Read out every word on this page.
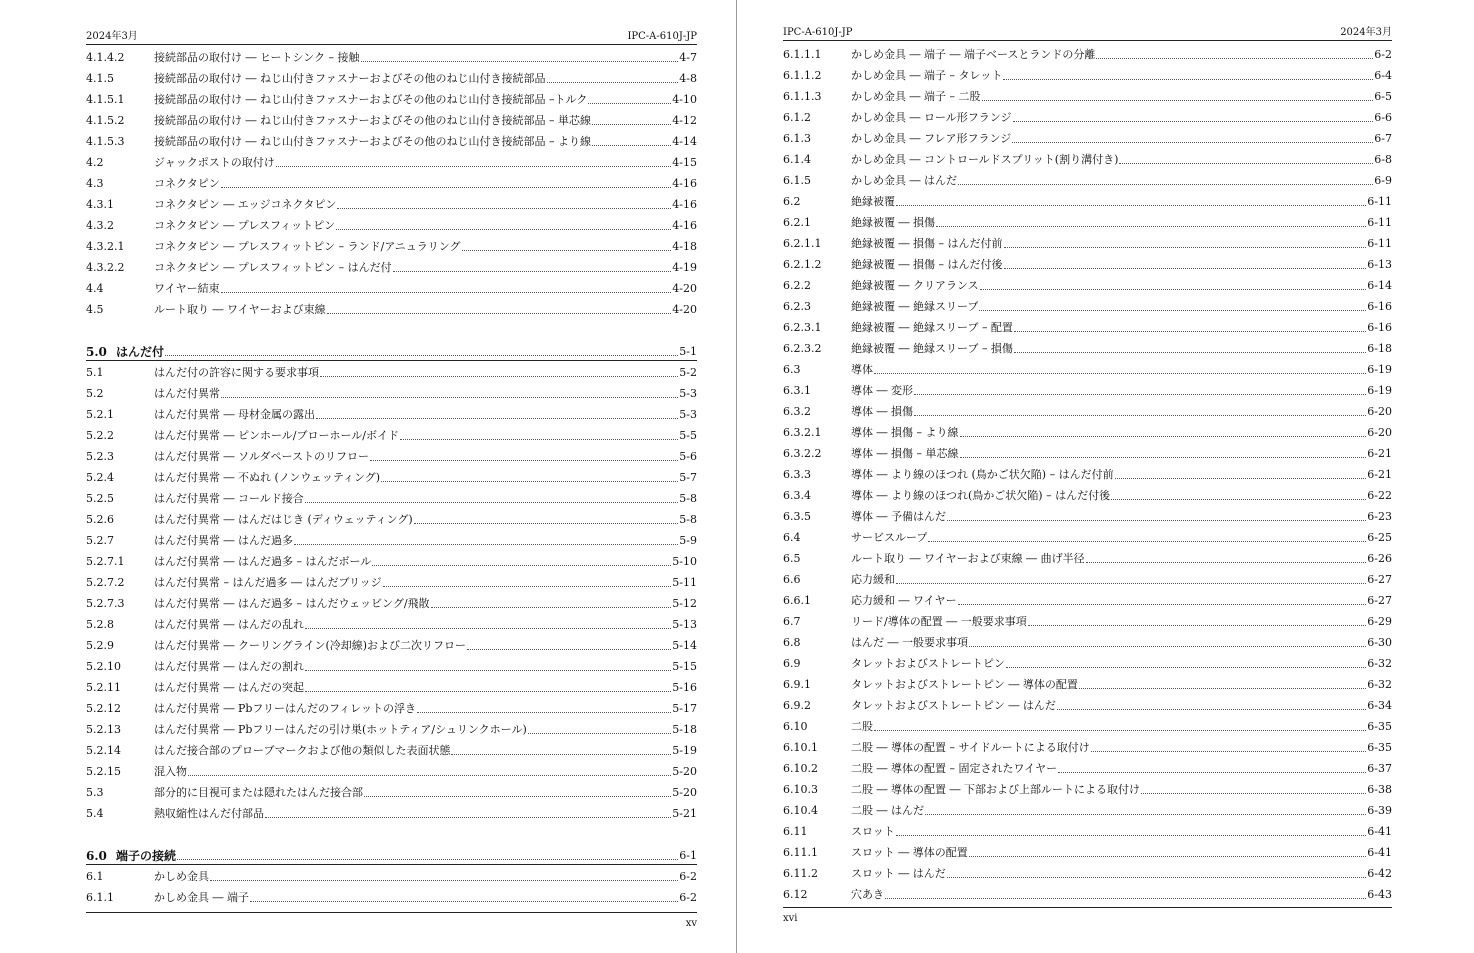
2024年3月	IPC-A-610J-JP
4.1.4.2	接続部品の取付け ― ヒートシンク – 接触	4-7
4.1.5	接続部品の取付け ― ねじ山付きファスナーおよびその他のねじ山付き接続部品	4-8
4.1.5.1	接続部品の取付け ― ねじ山付きファスナーおよびその他のねじ山付き接続部品 –トルク	4-10
4.1.5.2	接続部品の取付け ― ねじ山付きファスナーおよびその他のねじ山付き接続部品 – 単芯線	4-12
4.1.5.3	接続部品の取付け ― ねじ山付きファスナーおよびその他のねじ山付き接続部品 – より線	4-14
4.2	ジャックポストの取付け	4-15
4.3	コネクタピン	4-16
4.3.1	コネクタピン ― エッジコネクタピン	4-16
4.3.2	コネクタピン ― プレスフィットピン	4-16
4.3.2.1	コネクタピン ― プレスフィットピン – ランド/アニュラリング	4-18
4.3.2.2	コネクタピン ― プレスフィットピン – はんだ付	4-19
4.4	ワイヤー結束	4-20
4.5	ルート取り ― ワイヤーおよび束線	4-20
5.0 はんだ付	5-1
5.1	はんだ付の許容に関する要求事項	5-2
5.2	はんだ付異常	5-3
5.2.1	はんだ付異常 ― 母材金属の露出	5-3
5.2.2	はんだ付異常 ― ピンホール/ブローホール/ボイド	5-5
5.2.3	はんだ付異常 ― ソルダペーストのリフロー	5-6
5.2.4	はんだ付異常 ― 不ぬれ (ノンウェッティング)	5-7
5.2.5	はんだ付異常 ― コールド接合	5-8
5.2.6	はんだ付異常 ― はんだはじき (ディウェッティング)	5-8
5.2.7	はんだ付異常 ― はんだ過多	5-9
5.2.7.1	はんだ付異常 ― はんだ過多 – はんだボール	5-10
5.2.7.2	はんだ付異常 – はんだ過多 ― はんだブリッジ	5-11
5.2.7.3	はんだ付異常 ― はんだ過多 – はんだウェッビング/飛散	5-12
5.2.8	はんだ付異常 ― はんだの乱れ	5-13
5.2.9	はんだ付異常 ― クーリングライン(冷却線)および二次リフロー	5-14
5.2.10	はんだ付異常 ― はんだの割れ	5-15
5.2.11	はんだ付異常 ― はんだの突起	5-16
5.2.12	はんだ付異常 ― Pbフリーはんだのフィレットの浮き	5-17
5.2.13	はんだ付異常 ― Pbフリーはんだの引け巣(ホットティア/シュリンクホール)	5-18
5.2.14	はんだ接合部のプローブマークおよび他の類似した表面状態	5-19
5.2.15	混入物	5-20
5.3	部分的に目視可または隠れたはんだ接合部	5-20
5.4	熱収縮性はんだ付部品	5-21
6.0 端子の接続	6-1
6.1	かしめ金具	6-2
6.1.1	かしめ金具 ― 端子	6-2
xv
IPC-A-610J-JP	2024年3月
6.1.1.1	かしめ金具 ― 端子 ― 端子ベースとランドの分離	6-2
6.1.1.2	かしめ金具 ― 端子 – タレット	6-4
6.1.1.3	かしめ金具 ― 端子 – 二股	6-5
6.1.2	かしめ金具 ― ロール形フランジ	6-6
6.1.3	かしめ金具 ― フレア形フランジ	6-7
6.1.4	かしめ金具 ― コントロールドスプリット(割り溝付き)	6-8
6.1.5	かしめ金具 ― はんだ	6-9
6.2	絶縁被覆	6-11
6.2.1	絶縁被覆 ― 損傷	6-11
6.2.1.1	絶縁被覆 ― 損傷 – はんだ付前	6-11
6.2.1.2	絶縁被覆 ― 損傷 – はんだ付後	6-13
6.2.2	絶縁被覆 ― クリアランス	6-14
6.2.3	絶縁被覆 ― 絶縁スリーブ	6-16
6.2.3.1	絶縁被覆 ― 絶縁スリーブ – 配置	6-16
6.2.3.2	絶縁被覆 ― 絶縁スリーブ – 損傷	6-18
6.3	導体	6-19
6.3.1	導体 ― 変形	6-19
6.3.2	導体 ― 損傷	6-20
6.3.2.1	導体 ― 損傷 – より線	6-20
6.3.2.2	導体 ― 損傷 – 単芯線	6-21
6.3.3	導体 ― より線のほつれ (鳥かご状欠陥) – はんだ付前	6-21
6.3.4	導体 ― より線のほつれ(鳥かご状欠陥) – はんだ付後	6-22
6.3.5	導体 ― 予備はんだ	6-23
6.4	サービスループ	6-25
6.5	ルート取り ― ワイヤーおよび束線 ― 曲げ半径	6-26
6.6	応力緩和	6-27
6.6.1	応力緩和 ― ワイヤー	6-27
6.7	リード/導体の配置 ― 一般要求事項	6-29
6.8	はんだ ― 一般要求事項	6-30
6.9	タレットおよびストレートピン	6-32
6.9.1	タレットおよびストレートピン ― 導体の配置	6-32
6.9.2	タレットおよびストレートピン ― はんだ	6-34
6.10	二股	6-35
6.10.1	二股 ― 導体の配置 – サイドルートによる取付け	6-35
6.10.2	二股 ― 導体の配置 – 固定されたワイヤー	6-37
6.10.3	二股 ― 導体の配置 ― 下部および上部ルートによる取付け	6-38
6.10.4	二股 ― はんだ	6-39
6.11	スロット	6-41
6.11.1	スロット ― 導体の配置	6-41
6.11.2	スロット ― はんだ	6-42
6.12	穴あき	6-43
xvi
